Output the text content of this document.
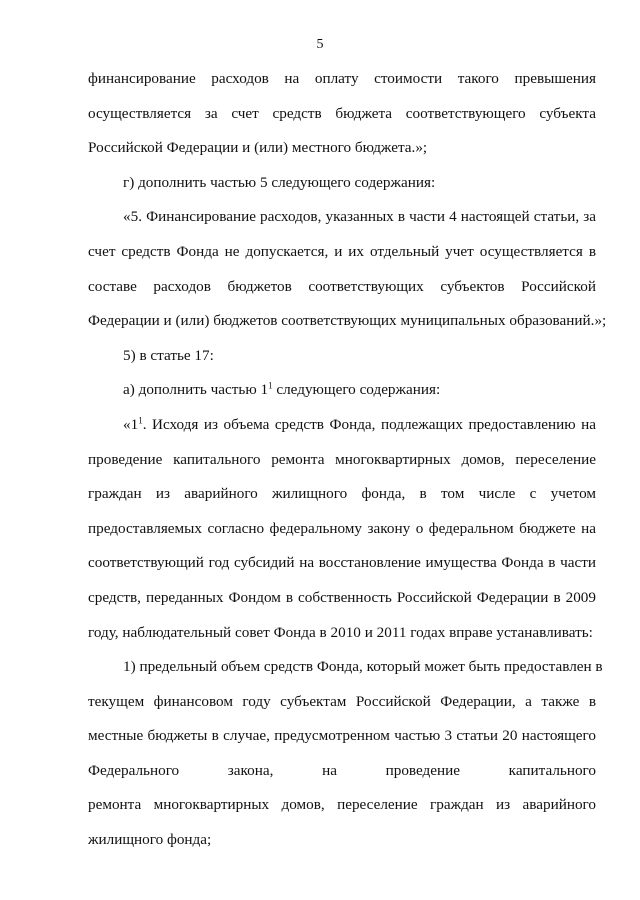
5
финансирование расходов на оплату стоимости такого превышения
осуществляется за счет средств бюджета соответствующего субъекта
Российской Федерации и (или) местного бюджета.»;
г) дополнить частью 5 следующего содержания:
«5. Финансирование расходов, указанных в части 4 настоящей статьи, за
счет средств Фонда не допускается, и их отдельный учет осуществляется в
составе расходов бюджетов соответствующих субъектов Российской
Федерации и (или) бюджетов соответствующих муниципальных образований.»;
5) в статье 17:
а) дополнить частью $1^1$ следующего содержания:
«$1^1$. Исходя из объема средств Фонда, подлежащих предоставлению на
проведение капитального ремонта многоквартирных домов, переселение
граждан из аварийного жилищного фонда, в том числе с учетом
предоставляемых согласно федеральному закону о федеральном бюджете на
соответствующий год субсидий на восстановление имущества Фонда в части
средств, переданных Фондом в собственность Российской Федерации в 2009
году, наблюдательный совет Фонда в 2010 и 2011 годах вправе устанавливать:
1) предельный объем средств Фонда, который может быть предоставлен в
текущем финансовом году субъектам Российской Федерации, а также в
местные бюджеты в случае, предусмотренном частью 3 статьи 20 настоящего
Федерального закона, на проведение капитального
ремонта многоквартирных домов, переселение граждан из аварийного
жилищного фонда;
